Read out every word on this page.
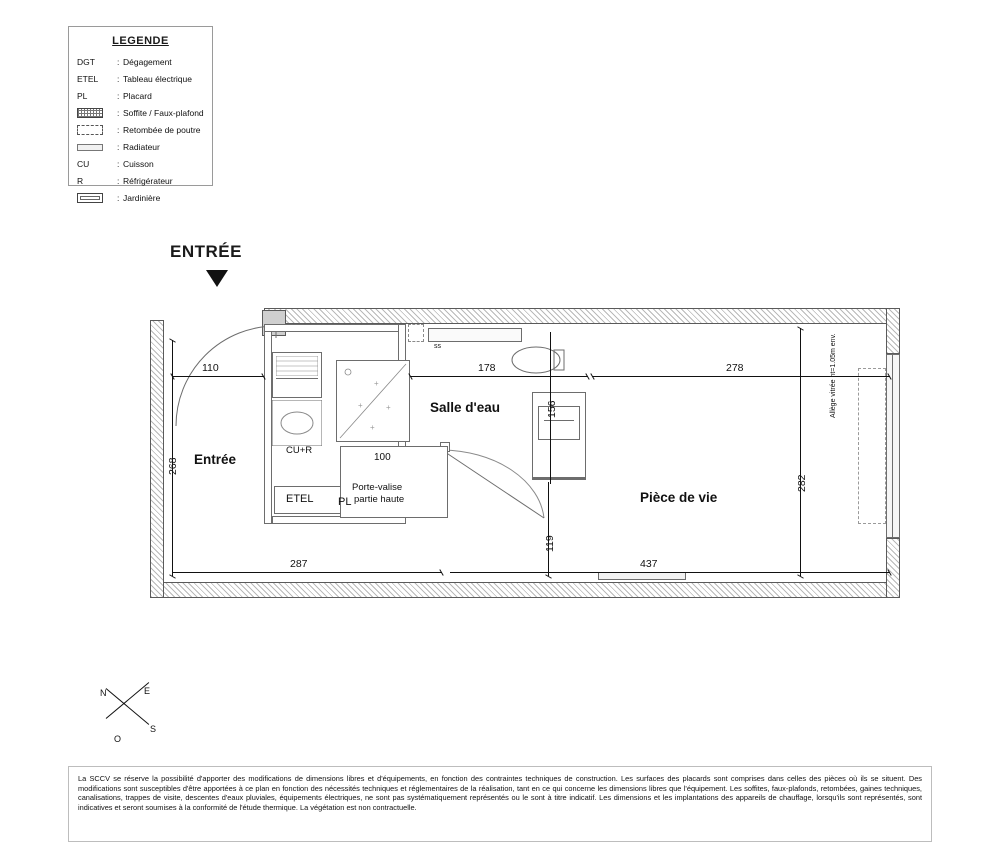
LEGENDE
DGT	: Dégagement
ETEL	: Tableau électrique
PL	: Placard
: Soffite / Faux-plafond
: Retombée de poutre
: Radiateur
CU	: Cuisson
R	: Réfrigérateur
: Jardinière
ENTRÉE
CU+R
ETEL
+
+	+
+
ss
100
Porte-valise
partie haute
PL
Entrée
Salle d'eau
Pièce de vie
110
268
287
178
156
278
282
119
437
N	E
S
O
La SCCV se réserve la possibilité d'apporter des modifications de dimensions libres et d'équipements, en fonction des contraintes techniques de construction. Les surfaces des placards sont comprises dans celles des pièces où ils se situent. Des modifications sont susceptibles d'être apportées à ce plan en fonction des nécessités techniques et réglementaires de la réalisation, tant en ce qui concerne les dimensions libres que l'équipement. Les soffites, faux-plafonds, retombées, gaines techniques, canalisations, trappes de visite, descentes d'eaux pluviales, équipements électriques, ne sont pas systématiquement représentés ou le sont à titre indicatif. Les dimensions et les implantations des appareils de chauffage, lorsqu'ils sont représentés, sont indicatives et seront soumises à la conformité de l'étude thermique. La végétation est non contractuelle.
